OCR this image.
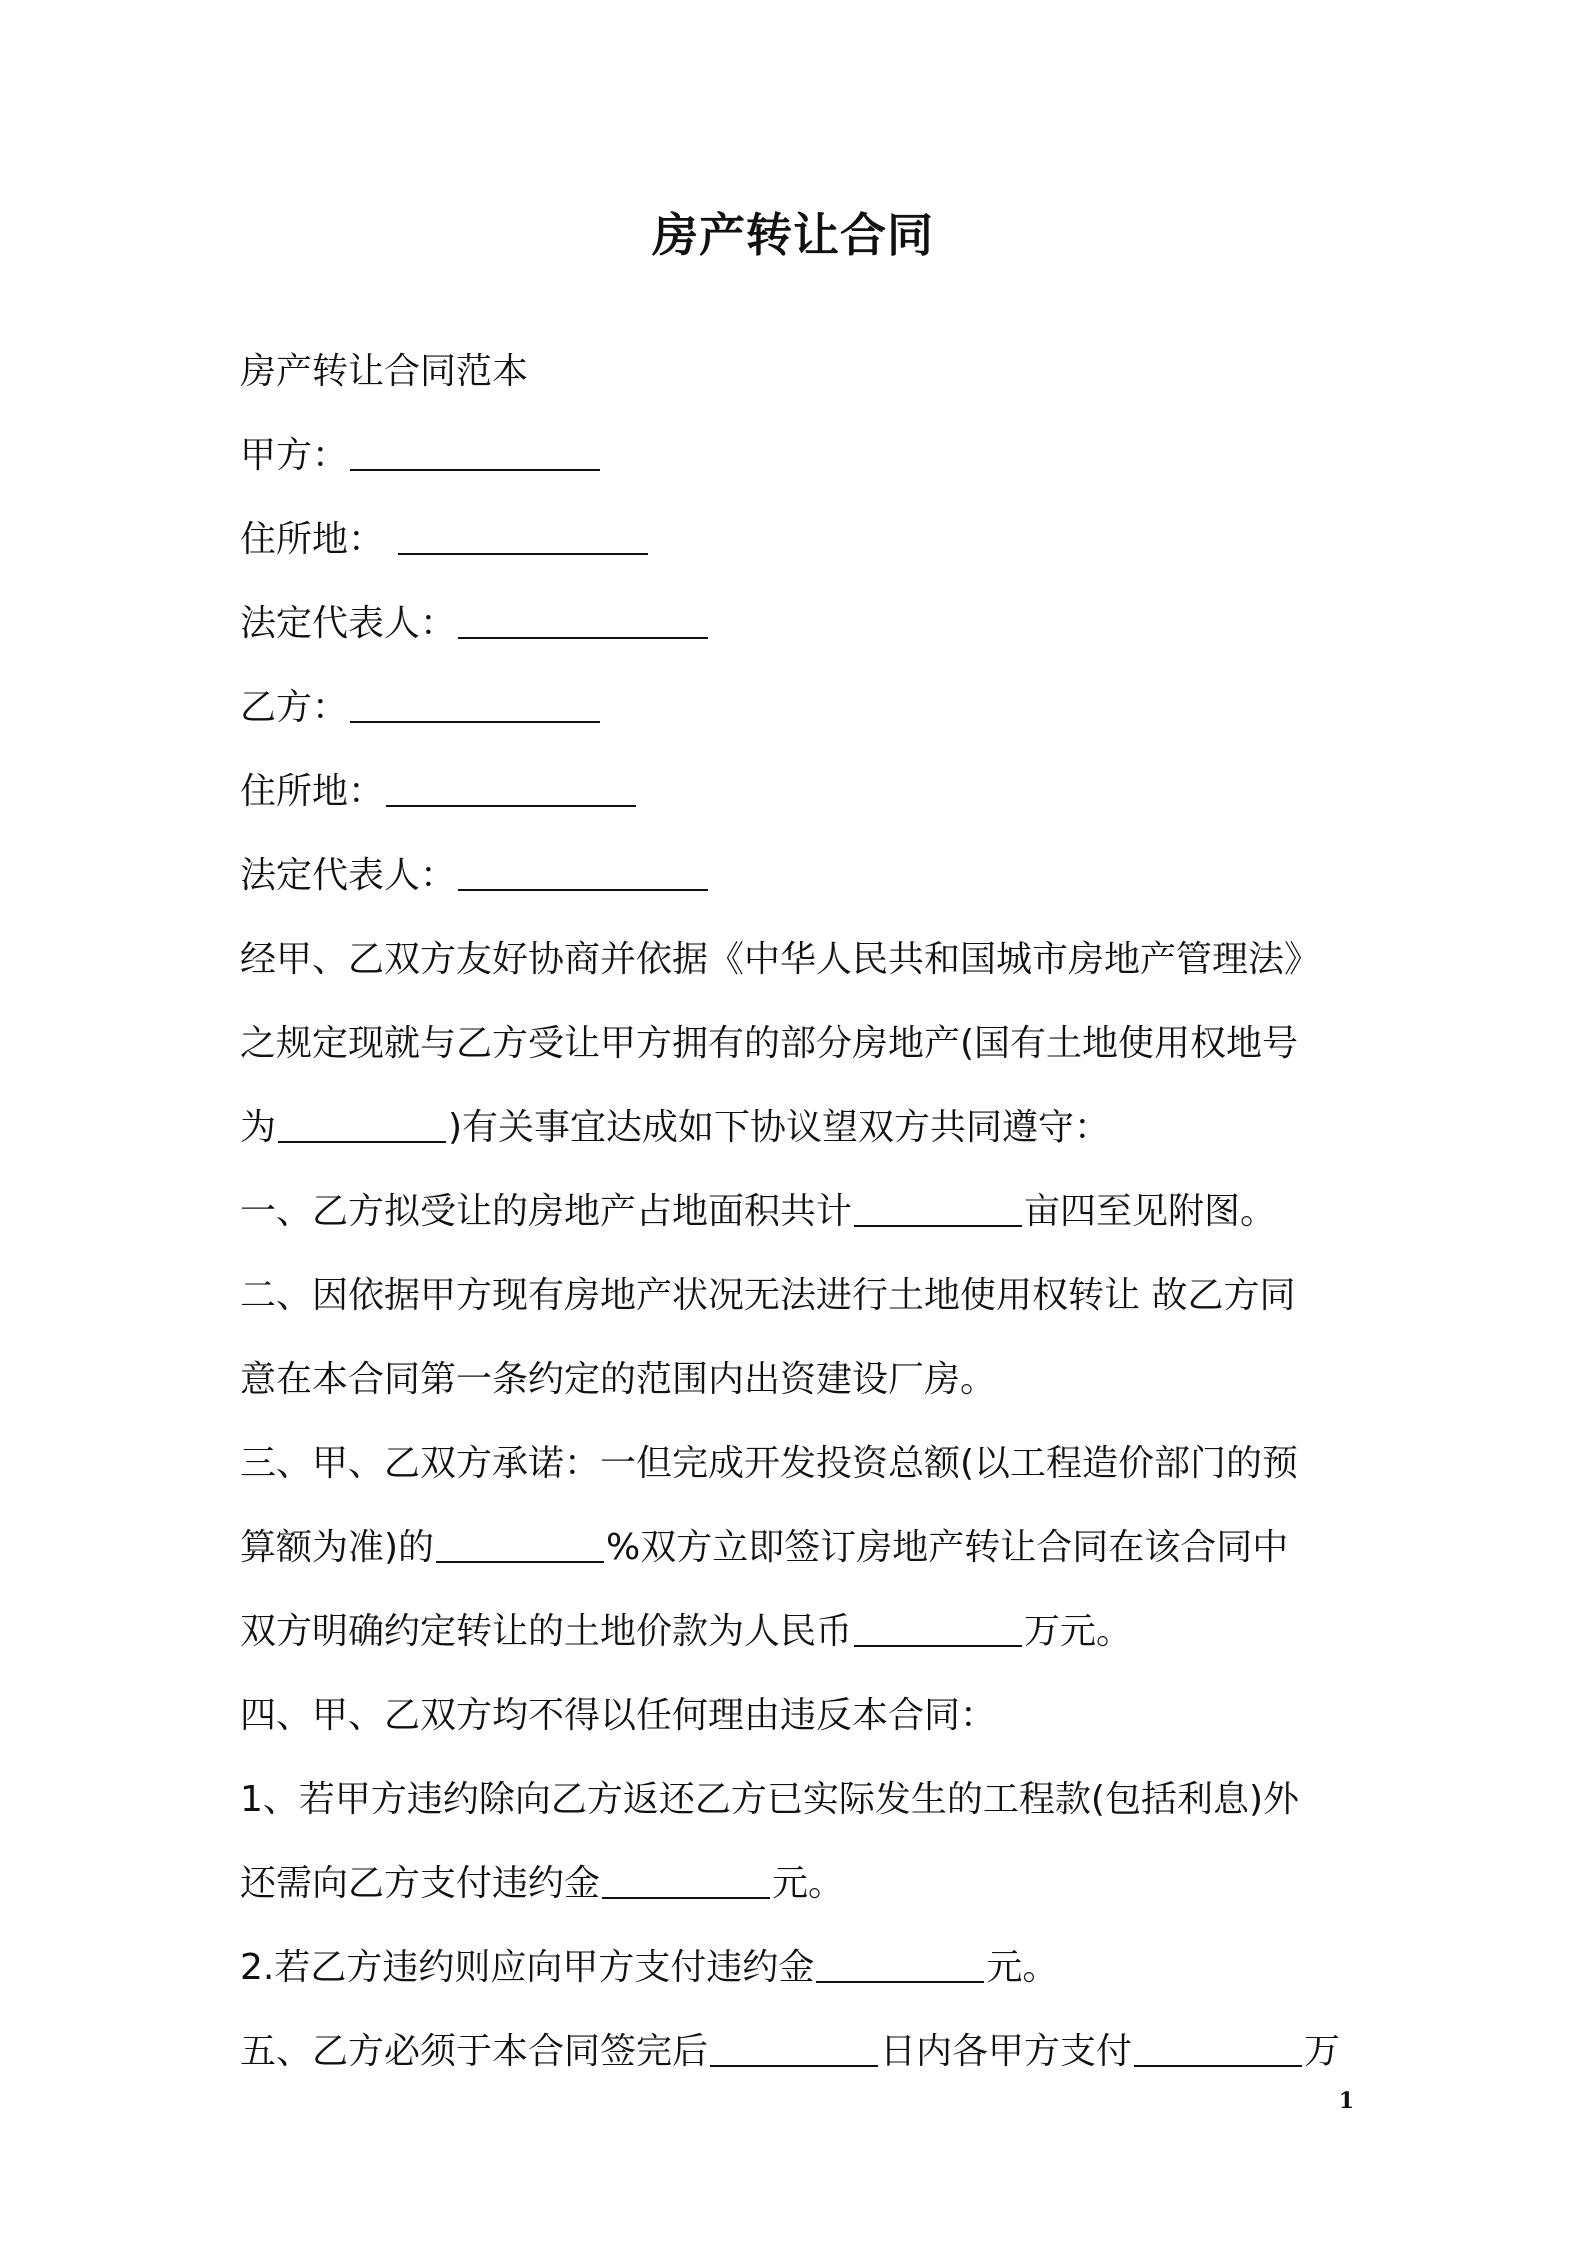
房产转让合同
房产转让合同范本
甲方：
住所地：
法定代表人：
乙方：
住所地：
法定代表人：
经甲、乙双方友好协商并依据《中华人民共和国城市房地产管理法》
之规定现就与乙方受让甲方拥有的部分房地产(国有土地使用权地号
为	)有关事宜达成如下协议望双方共同遵守：
一、乙方拟受让的房地产占地面积共计	亩四至见附图。
二、因依据甲方现有房地产状况无法进行土地使用权转让 故乙方同
意在本合同第一条约定的范围内出资建设厂房。
三、甲、乙双方承诺：一但完成开发投资总额(以工程造价部门的预
算额为准)的	%双方立即签订房地产转让合同在该合同中
双方明确约定转让的土地价款为人民币	万元。
四、甲、乙双方均不得以任何理由违反本合同：
1、若甲方违约除向乙方返还乙方已实际发生的工程款(包括利息)外
还需向乙方支付违约金	元。
2.若乙方违约则应向甲方支付违约金	元。
五、乙方必须于本合同签完后	日内各甲方支付	万
1
